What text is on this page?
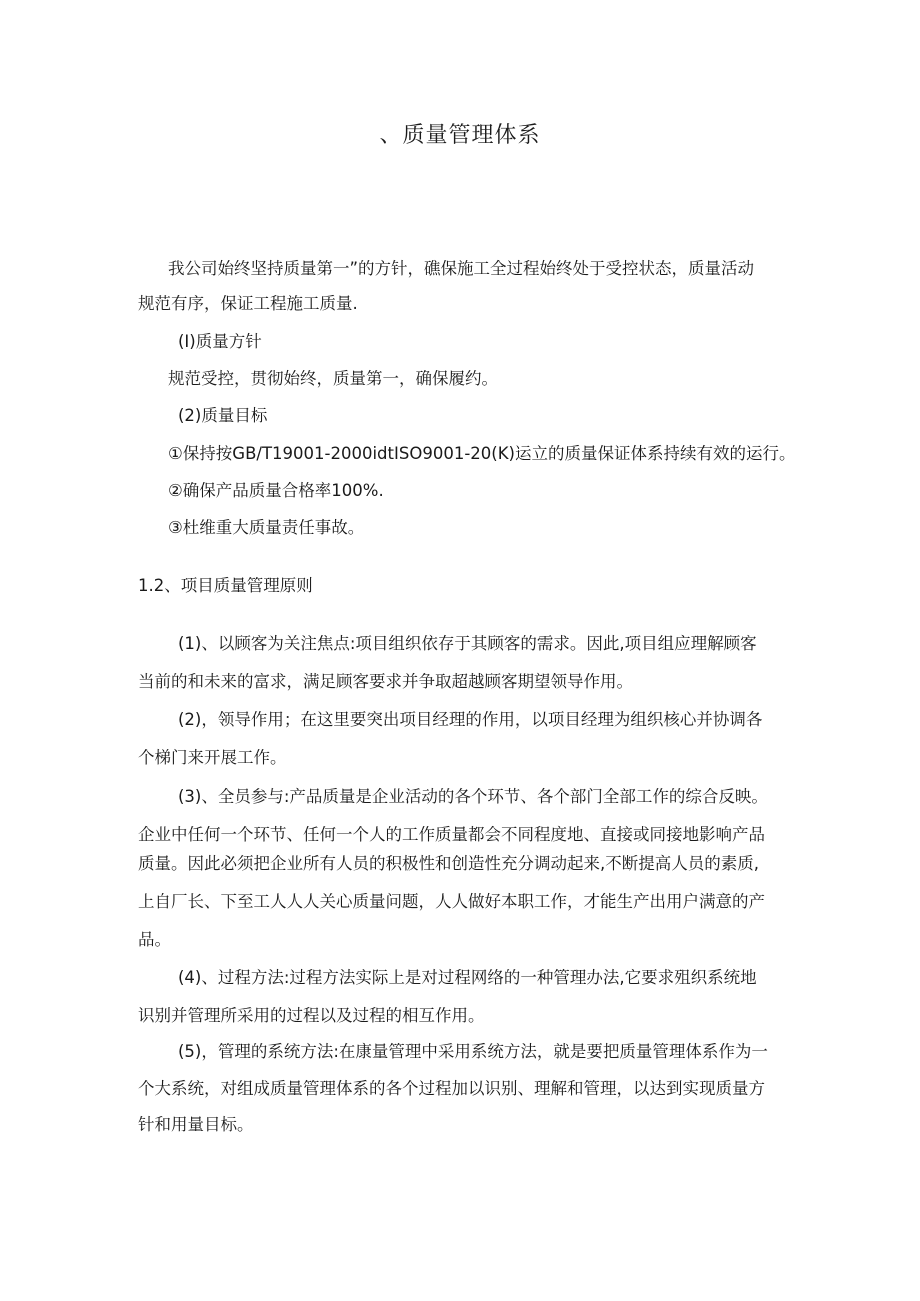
、质量管理体系
我公司始终坚持质量第一”的方针，礁保施工全过程始终处于受控状态，质量活动
规范有序，保证工程施工质量.
(I)质量方针
规范受控，贯彻始终，质量第一，确保履约。
(2)质量目标
①保持按GB/T19001-2000idtISO9001-20(K)运立的质量保证体系持续有效的运行。
②确保产品质量合格率100%.
③杜维重大质量责任事故。
1.2、项目质量管理原则
(1)、以顾客为关注焦点:项目组织依存于其顾客的需求。因此,项目组应理解顾客
当前的和未来的富求，满足顾客要求并争取超越顾客期望领导作用。
(2)，领导作用；在这里要突出项目经理的作用，以项目经理为组织核心并协调各
个梯门来开展工作。
(3)、全员参与:产品质量是企业活动的各个环节、各个部门全部工作的综合反映。
企业中任何一个环节、任何一个人的工作质量都会不同程度地、直接或同接地影响产品
质量。因此必须把企业所有人员的积极性和创造性充分调动起来,不断提高人员的素质,
上自厂长、下至工人人人关心质量问题，人人做好本职工作，才能生产出用户满意的产
品。
(4)、过程方法:过程方法实际上是对过程网络的一种管理办法,它要求殂织系统地
识别并管理所采用的过程以及过程的相互作用。
(5)，管理的系统方法:在康量管理中采用系统方法，就是要把质量管理体系作为一
个大系统，对组成质量管理体系的各个过程加以识别、理解和管理，以达到实现质量方
针和用量目标。
